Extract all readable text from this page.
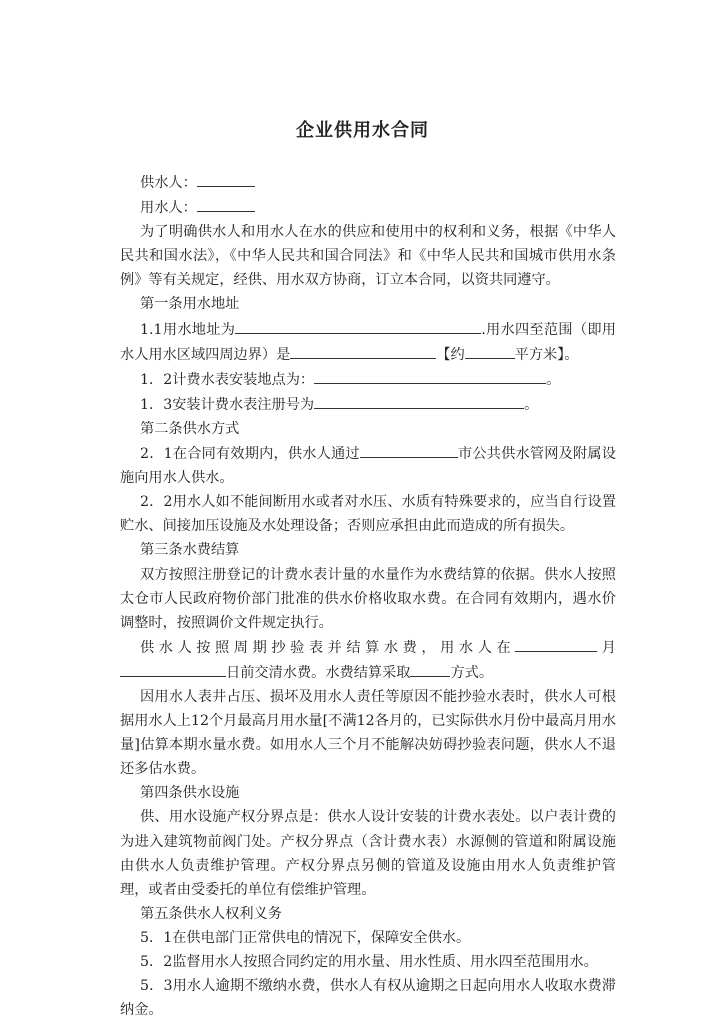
企业供用水合同

供水人：

用水人：

为了明确供水人和用水人在水的供应和使用中的权利和义务，根据《中华人民共和国水法》，《中华人民共和国合同法》和《中华人民共和国城市供用水条例》等有关规定，经供、用水双方协商，订立本合同，以资共同遵守。

第一条用水地址

1.1用水地址为	.用水四至范围（即用水人用水区域四周边界）是	【约	平方米】。

1．2计费水表安装地点为：	。

1．3安装计费水表注册号为	。

第二条供水方式

2．1在合同有效期内，供水人通过	市公共供水管网及附属设施向用水人供水。

2．2用水人如不能间断用水或者对水压、水质有特殊要求的，应当自行设置贮水、间接加压设施及水处理设备；否则应承担由此而造成的所有损失。

第三条水费结算

双方按照注册登记的计费水表计量的水量作为水费结算的依据。供水人按照太仓市人民政府物价部门批准的供水价格收取水费。在合同有效期内，遇水价调整时，按照调价文件规定执行。

供水人按照周期抄验表并结算水费，用水人在	月日前交清水费。水费结算采取	方式。

因用水人表井占压、损坏及用水人责任等原因不能抄验水表时，供水人可根据用水人上12个月最高月用水量[不满12各月的，已实际供水月份中最高月用水量]估算本期水量水费。如用水人三个月不能解决妨碍抄验表问题，供水人不退还多估水费。

第四条供水设施

供、用水设施产权分界点是：供水人设计安装的计费水表处。以户表计费的为进入建筑物前阀门处。产权分界点（含计费水表）水源侧的管道和附属设施由供水人负责维护管理。产权分界点另侧的管道及设施由用水人负责维护管理，或者由受委托的单位有偿维护管理。

第五条供水人权利义务

5．1在供电部门正常供电的情况下，保障安全供水。

5．2监督用水人按照合同约定的用水量、用水性质、用水四至范围用水。

5．3用水人逾期不缴纳水费，供水人有权从逾期之日起向用水人收取水费滞纳金。
